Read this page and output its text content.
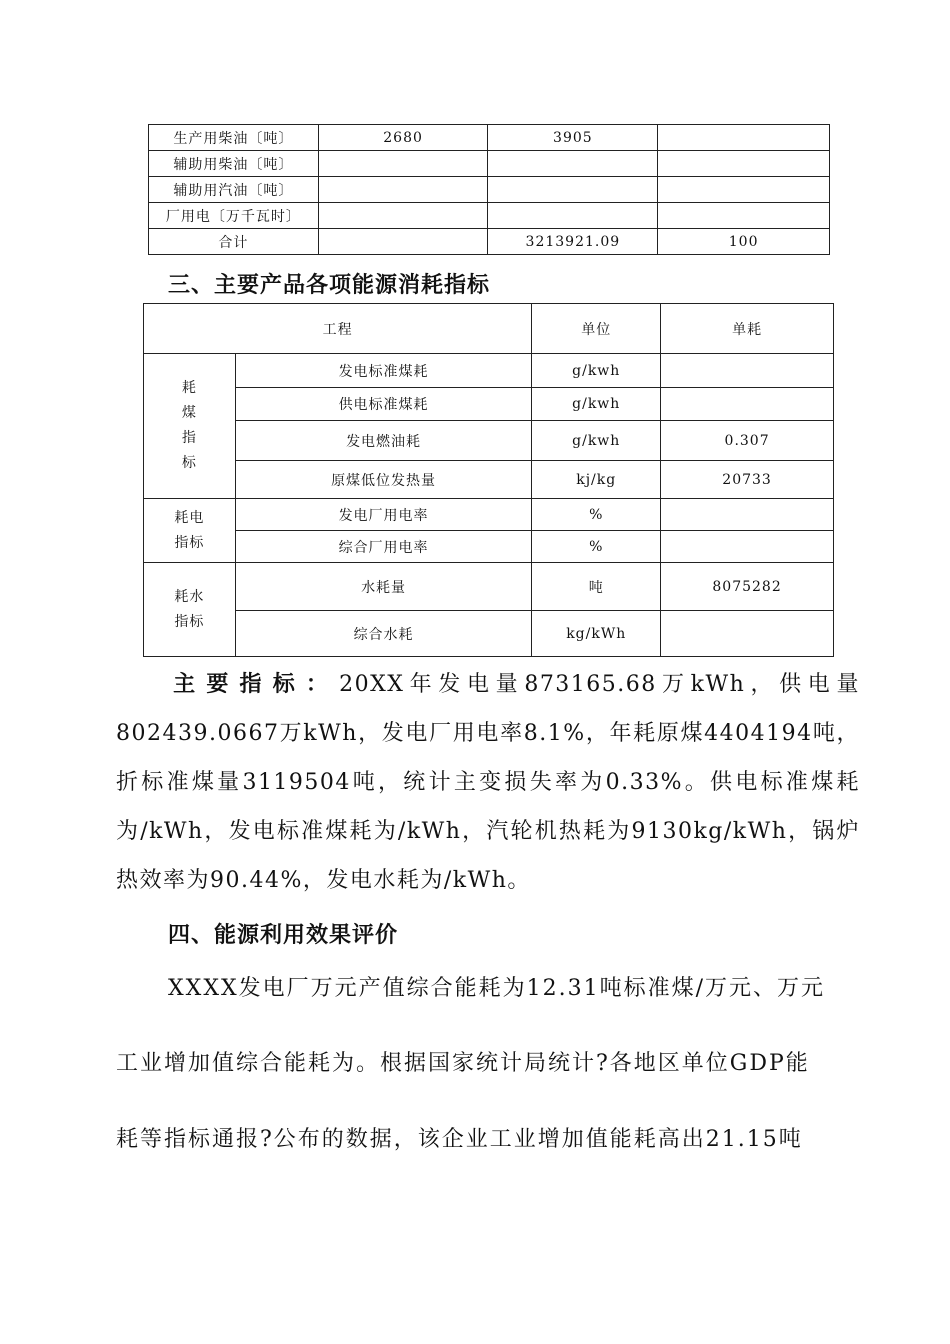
生产用柴油〔吨〕	2680	3905	
辅助用柴油〔吨〕			
辅助用汽油〔吨〕			
厂用电〔万千瓦时〕			
合计		3213921.09	100
三、主要产品各项能源消耗指标
工程		单位	单耗

耗
煤
指
标	发电标准煤耗	g/kwh	
	供电标准煤耗	g/kwh	
	发电燃油耗	g/kwh	0.307
	原煤低位发热量	kj/kg	20733

耗电
指标	发电厂用电率	%	
	综合厂用电率	%	

耗水
指标	水耗量	吨	8075282
	综合水耗	kg/kWh	
主要指标：20XX年发电量873165.68万kWh，供电量802439.0667万kWh，发电厂用电率8.1%，年耗原煤4404194吨，折标准煤量3119504吨，统计主变损失率为0.33%。供电标准煤耗为/kWh，发电标准煤耗为/kWh，汽轮机热耗为9130kg/kWh，锅炉热效率为90.44%，发电水耗为/kWh。
四、能源利用效果评价
XXXX发电厂万元产值综合能耗为12.31吨标准煤/万元、万元
工业增加值综合能耗为。根据国家统计局统计?各地区单位GDP能
耗等指标通报?公布的数据，该企业工业增加值能耗高出21.15吨
